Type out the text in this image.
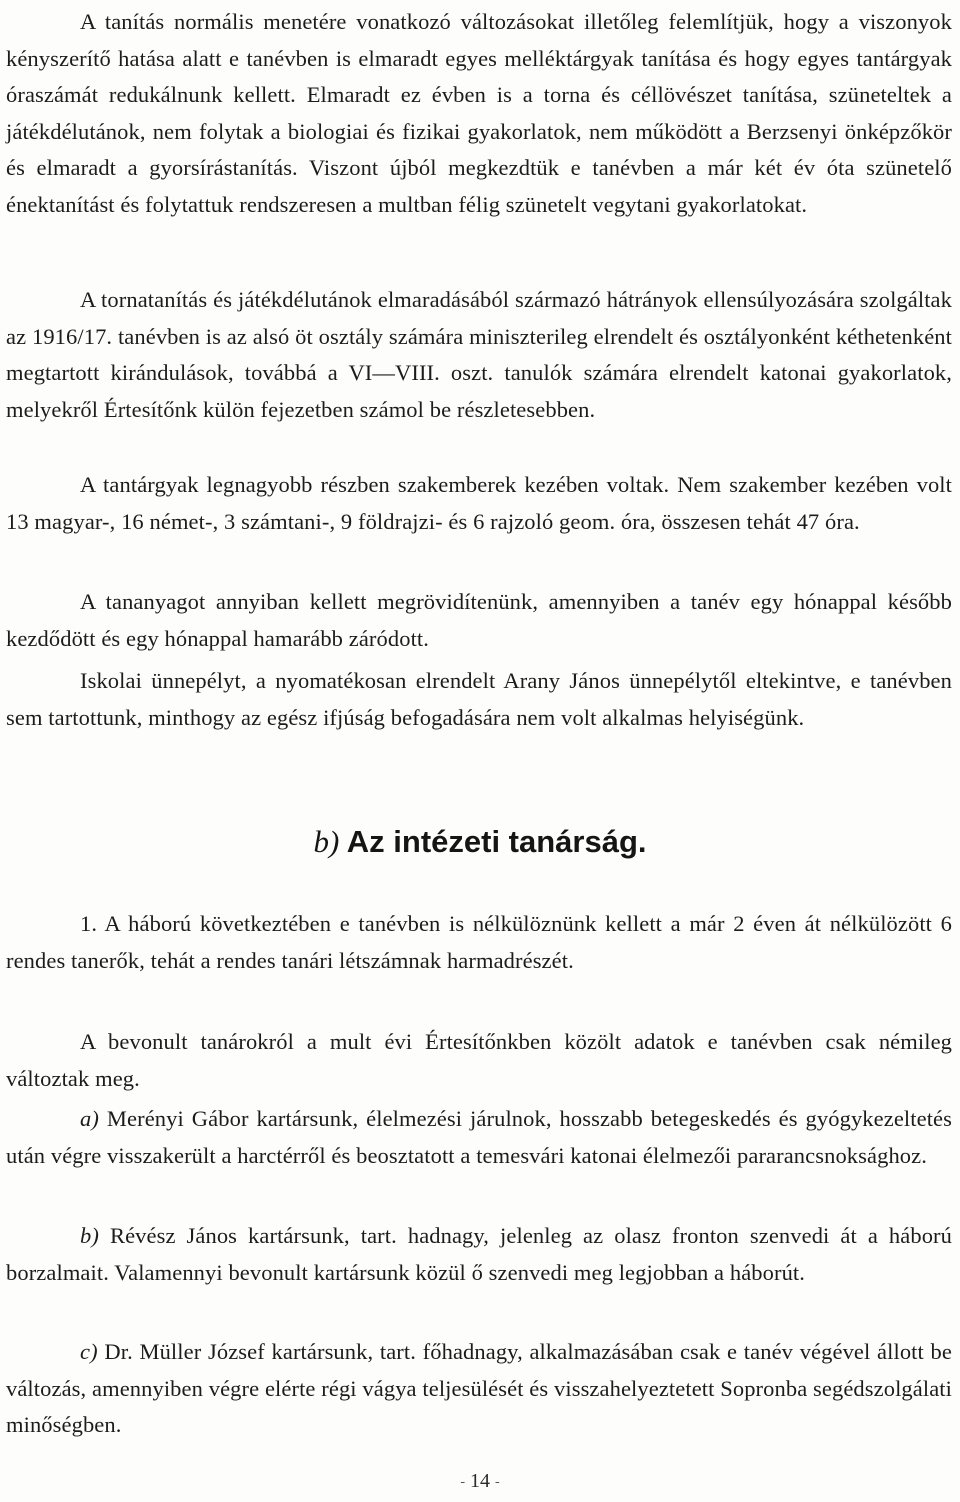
A tanítás normális menetére vonatkozó változásokat illetőleg felemlítjük, hogy a viszonyok kényszerítő hatása alatt e tanévben is elmaradt egyes melléktárgyak tanítása és hogy egyes tantárgyak óraszámát redukálnunk kellett. Elmaradt ez évben is a torna és céllövészet tanítása, szüneteltek a játékdélutánok, nem folytak a biologiai és fizikai gyakorlatok, nem működött a Berzsenyi önképzőkör és elmaradt a gyorsírástanítás. Viszont újból megkezdtük e tanévben a már két év óta szünetelő énektanítást és folytattuk rendszeresen a multban félig szünetelt vegytani gyakorlatokat.

A tornatanítás és játékdélutánok elmaradásából származó hátrányok ellensúlyozására szolgáltak az 1916/17. tanévben is az alsó öt osztály számára miniszterileg elrendelt és osztályonként kéthetenként megtartott kirándulások, továbbá a VI—VIII. oszt. tanulók számára elrendelt katonai gyakorlatok, melyekről Értesítőnk külön fejezetben számol be részletesebben.

A tantárgyak legnagyobb részben szakemberek kezében voltak. Nem szakember kezében volt 13 magyar-, 16 német-, 3 számtani-, 9 földrajzi- és 6 rajzoló geom. óra, összesen tehát 47 óra.

A tananyagot annyiban kellett megrövidítenünk, amennyiben a tanév egy hónappal később kezdődött és egy hónappal hamarább záródott.

Iskolai ünnepélyt, a nyomatékosan elrendelt Arany János ünnepélytől eltekintve, e tanévben sem tartottunk, minthogy az egész ifjúság befogadására nem volt alkalmas helyiségünk.

b) Az intézeti tanárság.

1. A háború következtében e tanévben is nélkülöznünk kellett a már 2 éven át nélkülözött 6 rendes tanerők, tehát a rendes tanári létszámnak harmadrészét.

A bevonult tanárokról a mult évi Értesítőnkben közölt adatok e tanévben csak némileg változtak meg.

a) Merényi Gábor kartársunk, élelmezési járulnok, hosszabb betegeskedés és gyógykezeltetés után végre visszakerült a harctérről és beosztatott a temesvári katonai élelmezői pararancsnoksághoz.

b) Révész János kartársunk, tart. hadnagy, jelenleg az olasz fronton szenvedi át a háború borzalmait. Valamennyi bevonult kartársunk közül ő szenvedi meg legjobban a háborút.

c) Dr. Müller József kartársunk, tart. főhadnagy, alkalmazásában csak e tanév végével állott be változás, amennyiben végre elérte régi vágya teljesülését és visszahelyeztetett Sopronba segédszolgálati minőségben.

- 14 -
